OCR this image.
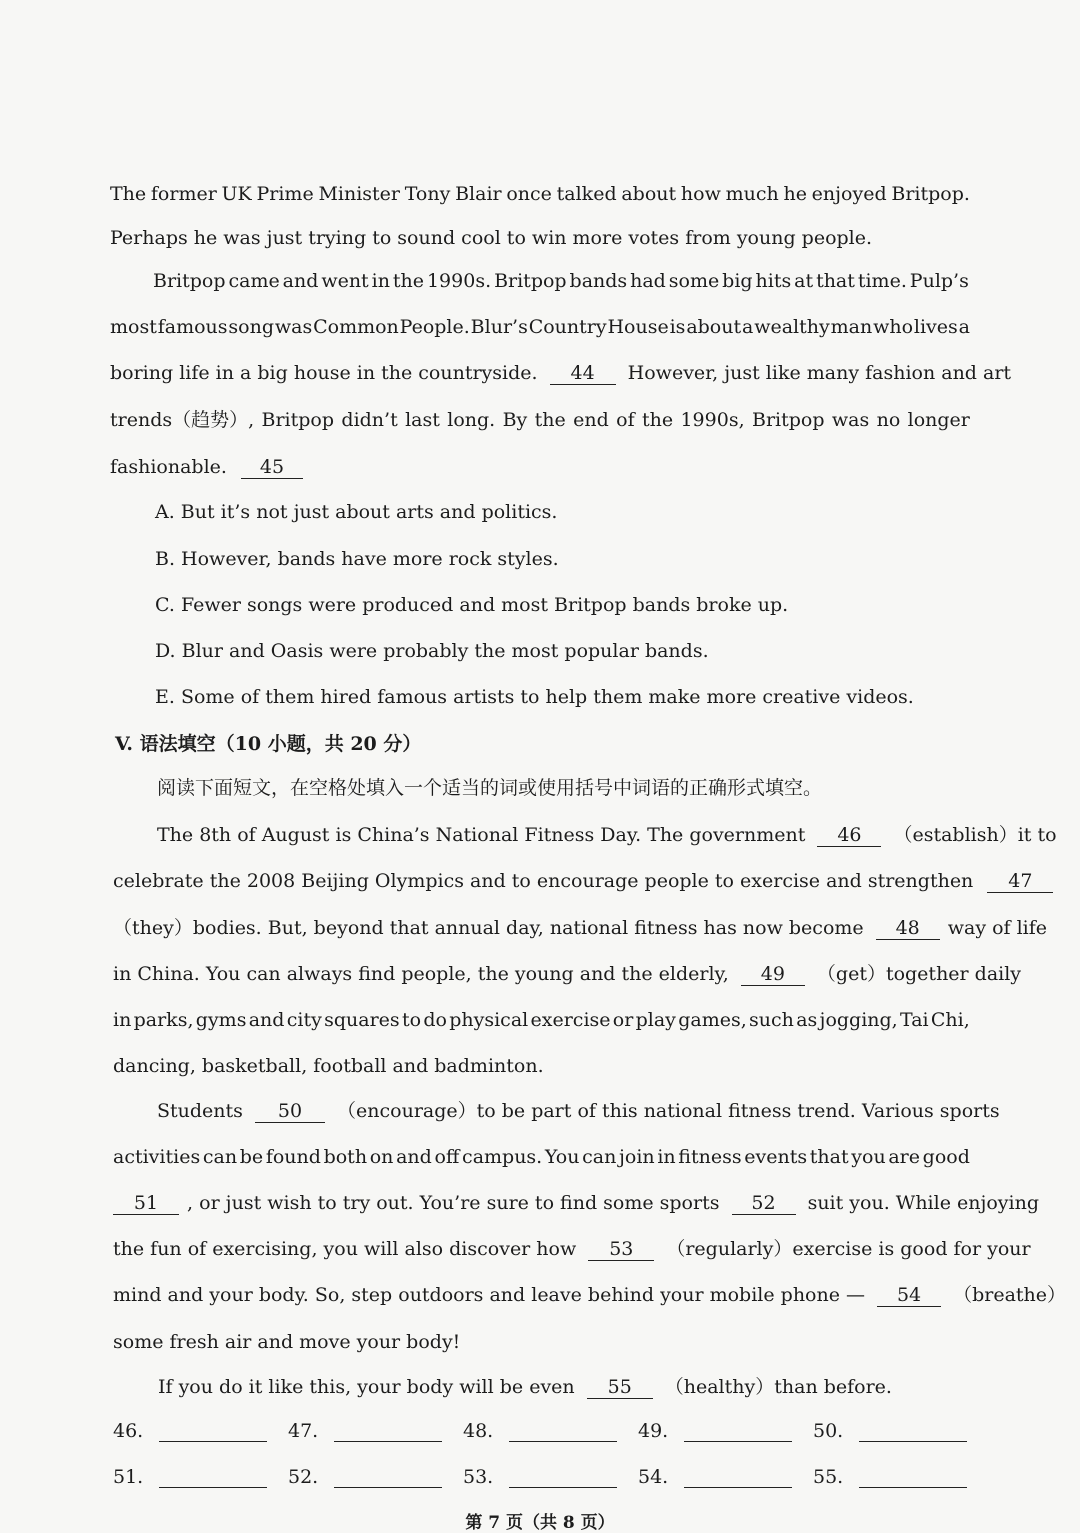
The former UK Prime Minister Tony Blair once talked about how much he enjoyed Britpop.
Perhaps he was just trying to sound cool to win more votes from young people.
Britpop came and went in the 1990s. Britpop bands had some big hits at that time. Pulp’s
most famous song was Common People. Blur’s Country House is about a wealthy man who lives a
boring life in a big house in the countryside. 44 However, just like many fashion and art
trends（趋势）, Britpop didn’t last long. By the end of the 1990s, Britpop was no longer
fashionable. 45
A. But it’s not just about arts and politics.
B. However, bands have more rock styles.
C. Fewer songs were produced and most Britpop bands broke up.
D. Blur and Oasis were probably the most popular bands.
E. Some of them hired famous artists to help them make more creative videos.
V. 语法填空（10 小题，共 20 分）
阅读下面短文，在空格处填入一个适当的词或使用括号中词语的正确形式填空。
The 8th of August is China’s National Fitness Day. The government 46 （establish）it to
celebrate the 2008 Beijing Olympics and to encourage people to exercise and strengthen 47
（they）bodies. But, beyond that annual day, national fitness has now become 48 way of life
in China. You can always find people, the young and the elderly, 49 （get）together daily
in parks, gyms and city squares to do physical exercise or play games, such as jogging, Tai Chi,
dancing, basketball, football and badminton.
Students 50 （encourage）to be part of this national fitness trend. Various sports
activities can be found both on and off campus. You can join in fitness events that you are good
51 , or just wish to try out. You’re sure to find some sports 52 suit you. While enjoying
the fun of exercising, you will also discover how 53 （regularly）exercise is good for your
mind and your body. So, step outdoors and leave behind your mobile phone — 54 （breathe）
some fresh air and move your body!
If you do it like this, your body will be even 55 （healthy）than before.
46.	47.	48.	49.	50.
51.	52.	53.	54.	55.
第 7 页（共 8 页）
